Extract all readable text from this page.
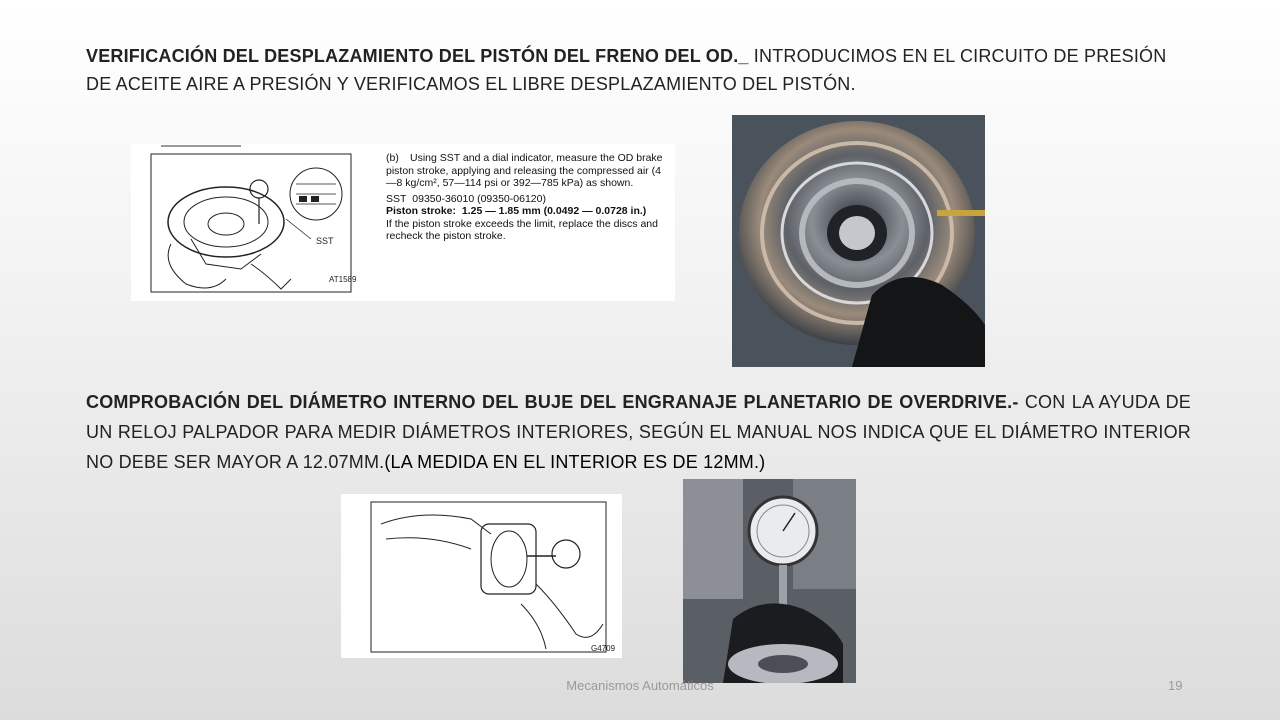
VERIFICACIÓN DEL DESPLAZAMIENTO DEL PISTÓN DEL FRENO DEL OD._ INTRODUCIMOS EN EL CIRCUITO DE PRESIÓN DE ACEITE AIRE A PRESIÓN Y VERIFICAMOS EL LIBRE DESPLAZAMIENTO DEL PISTÓN.
SST
AT1589
(b) Using SST and a dial indicator, measure the OD brake piston stroke, applying and releasing the compressed air (4—8 kg/cm², 57—114 psi or 392—785 kPa) as shown.
SST 09350-36010 (09350-06120)
Piston stroke: 1.25 — 1.85 mm (0.0492 — 0.0728 in.)
If the piston stroke exceeds the limit, replace the discs and recheck the piston stroke.
COMPROBACIÓN DEL DIÁMETRO INTERNO DEL BUJE DEL ENGRANAJE PLANETARIO DE OVERDRIVE.- CON LA AYUDA DE UN RELOJ PALPADOR PARA MEDIR DIÁMETROS INTERIORES, SEGÚN EL MANUAL NOS INDICA QUE EL DIÁMETRO INTERIOR NO DEBE SER MAYOR A 12.07MM.(LA MEDIDA EN EL INTERIOR ES DE 12MM.)
G4709
Mecanismos Automáticos	19
